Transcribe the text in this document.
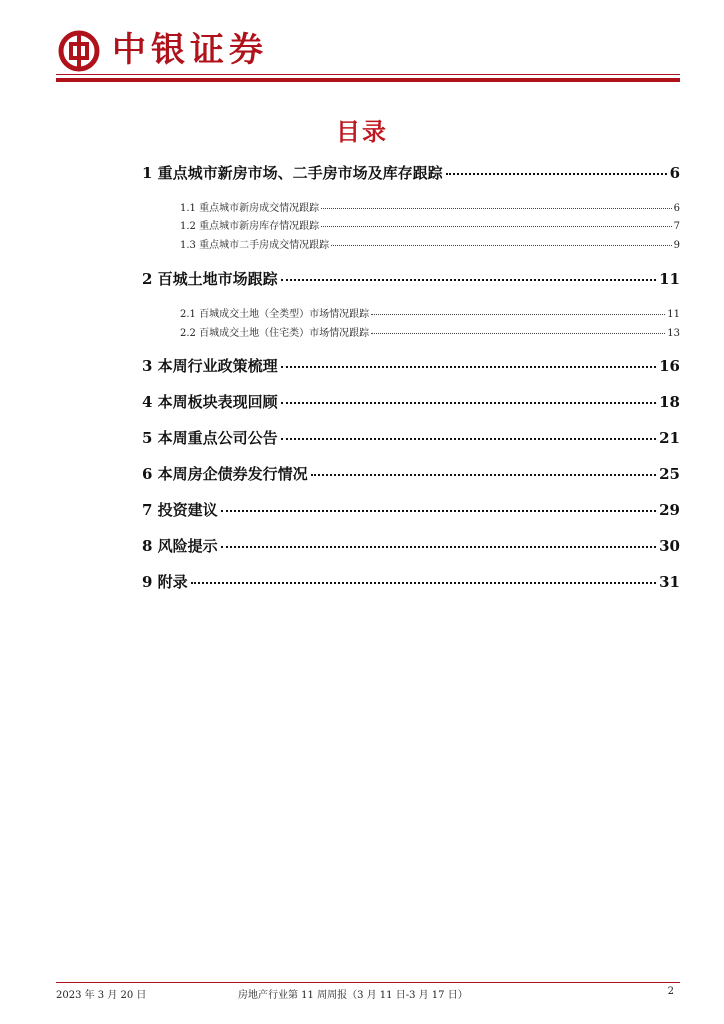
中银证券
目录
1 重点城市新房市场、二手房市场及库存跟踪	6
1.1 重点城市新房成交情况跟踪	6
1.2 重点城市新房库存情况跟踪	7
1.3 重点城市二手房成交情况跟踪	9
2 百城土地市场跟踪	11
2.1 百城成交土地（全类型）市场情况跟踪	11
2.2 百城成交土地（住宅类）市场情况跟踪	13
3 本周行业政策梳理	16
4 本周板块表现回顾	18
5 本周重点公司公告	21
6 本周房企债券发行情况	25
7 投资建议	29
8 风险提示	30
9 附录	31
2023 年 3 月 20 日	房地产行业第 11 周周报（3 月 11 日-3 月 17 日）	2
